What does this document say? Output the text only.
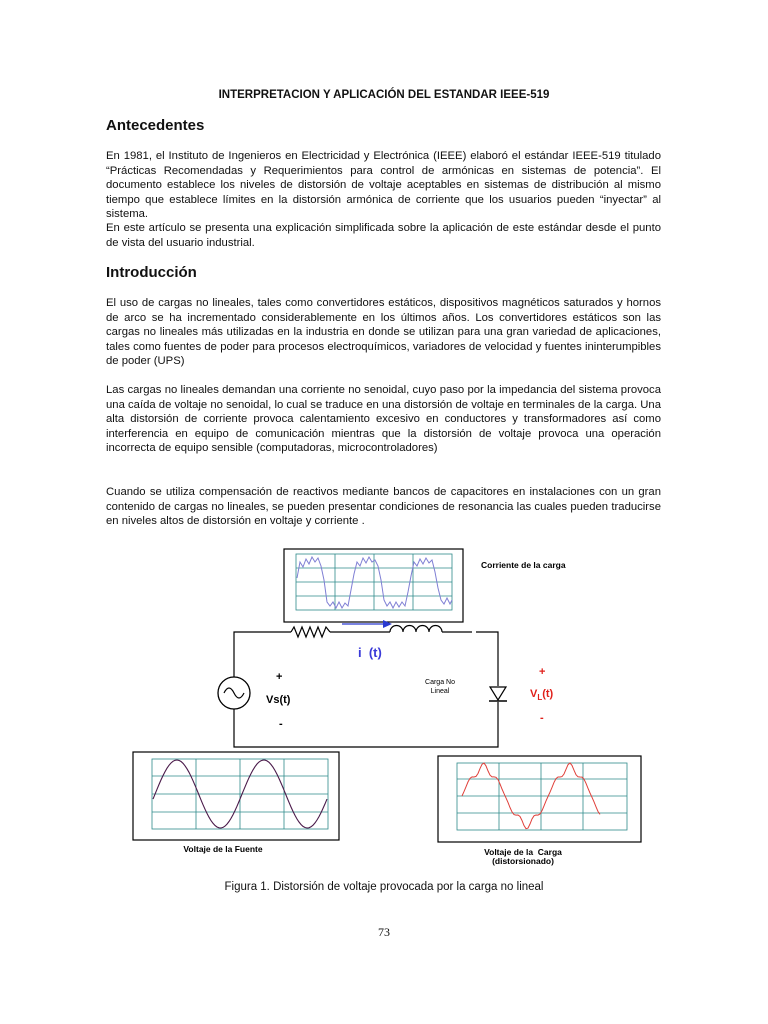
INTERPRETACION Y APLICACIÓN DEL ESTANDAR IEEE-519
Antecedentes

En 1981, el Instituto de Ingenieros en Electricidad y Electrónica (IEEE) elaboró el estándar IEEE-519 titulado “Prácticas Recomendadas y Requerimientos para control de armónicas en sistemas de potencia”. El documento establece los niveles de distorsión de voltaje aceptables en sistemas de distribución al mismo tiempo que establece límites en la distorsión armónica de corriente que los usuarios pueden “inyectar” al sistema.

En este artículo se presenta una explicación simplificada sobre la aplicación de este estándar desde el punto de vista del usuario industrial.

Introducción

El uso de cargas no lineales, tales como convertidores estáticos, dispositivos magnéticos saturados y hornos de arco se ha incrementado considerablemente en los últimos años. Los convertidores estáticos son las cargas no lineales más utilizadas en la industria en donde se utilizan para una gran variedad de aplicaciones, tales como fuentes de poder para procesos electroquímicos, variadores de velocidad y fuentes ininterumpibles de poder (UPS)

Las cargas no lineales demandan una corriente no senoidal, cuyo paso por la impedancia del sistema provoca una caída de voltaje no senoidal, lo cual se traduce en una distorsión de voltaje en terminales de la carga. Una alta distorsión de corriente provoca calentamiento excesivo en conductores y transformadores así como interferencia en equipo de comunicación mientras que la distorsión de voltaje provoca una operación incorrecta de equipo sensible (computadoras, microcontroladores)

Cuando se utiliza compensación de reactivos mediante bancos de capacitores en instalaciones con un gran contenido de cargas no lineales, se pueden presentar condiciones de resonancia las cuales pueden traducirse en niveles altos de distorsión en voltaje y corriente .

Corriente de la carga
i  (t)
+
Vs(t)
-
Carga No
Lineal
+
$V_L(t)$
-
Voltaje de la Fuente	Voltaje de la  Carga
(distorsionado)
Figura 1. Distorsión de voltaje provocada por la carga no lineal
73
